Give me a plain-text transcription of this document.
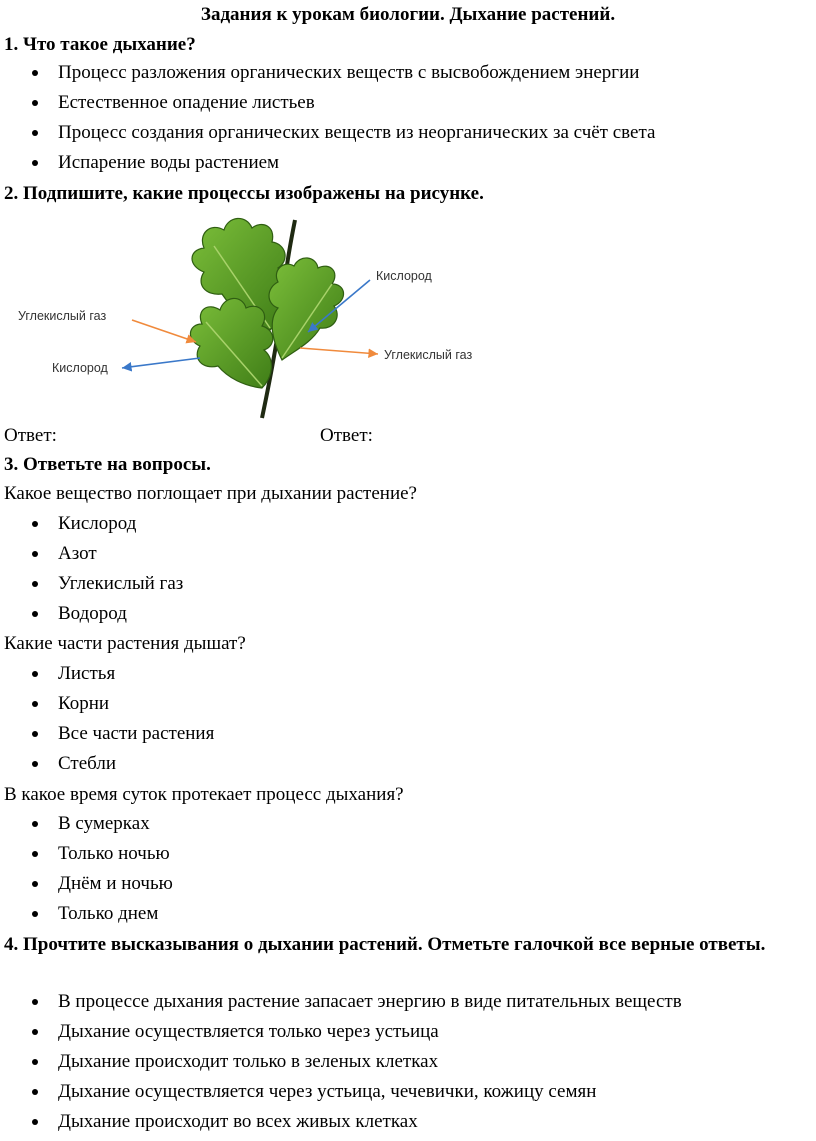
Задания к урокам биологии. Дыхание растений.

1. Что такое дыхание?

Процесс разложения органических веществ с высвобождением энергии
Естественное опадение листьев
Процесс создания органических веществ из неорганических за счёт света
Испарение воды растением

2. Подпишите, какие процессы изображены на рисунке.

Кислород
Углекислый газ
Кислород
Углекислый газ
Ответ:	Ответ:

3. Ответьте на вопросы.

Какое вещество поглощает при дыхании растение?

Кислород
Азот
Углекислый газ
Водород

Какие части растения дышат?

Листья
Корни
Все части растения
Стебли

В какое время суток протекает процесс дыхания?

В сумерках
Только ночью
Днём и ночью
Только днем

4. Прочтите высказывания о дыхании растений. Отметьте галочкой все верные ответы.

В процессе дыхания растение запасает энергию в виде питательных веществ
Дыхание осуществляется только через устьица
Дыхание происходит только в зеленых клетках
Дыхание осуществляется через устьица, чечевички, кожицу семян
Дыхание происходит во всех живых клетках
